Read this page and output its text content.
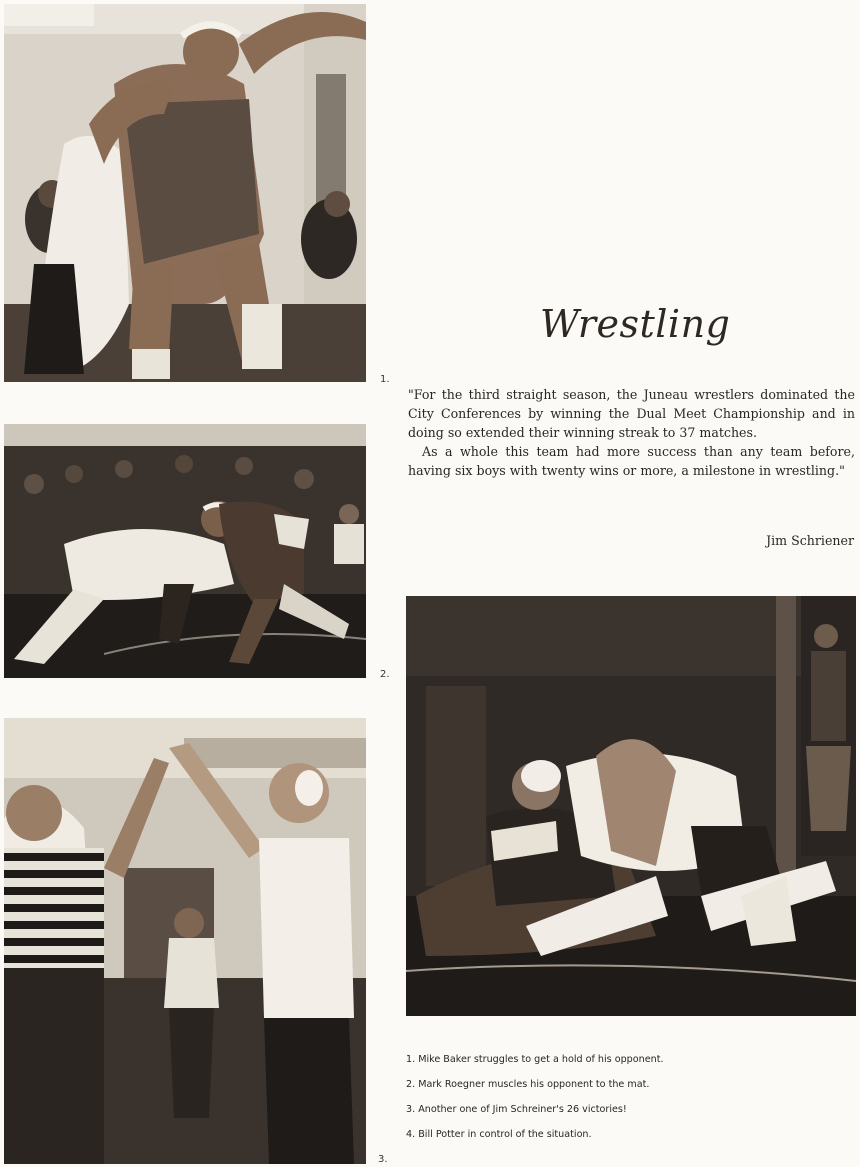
1.
2.
3.
Wrestling

"For the third straight season, the Juneau wrestlers dominated the City Conferences by winning the Dual Meet Championship and in doing so extended their winning streak to 37 matches.

As a whole this team had more success than any team before, having six boys with twenty wins or more, a milestone in wrestling."

Jim Schriener
1. Mike Baker struggles to get a hold of his opponent.
2. Mark Roegner muscles his opponent to the mat.
3. Another one of Jim Schreiner's 26 victories!
4. Bill Potter in control of the situation.
